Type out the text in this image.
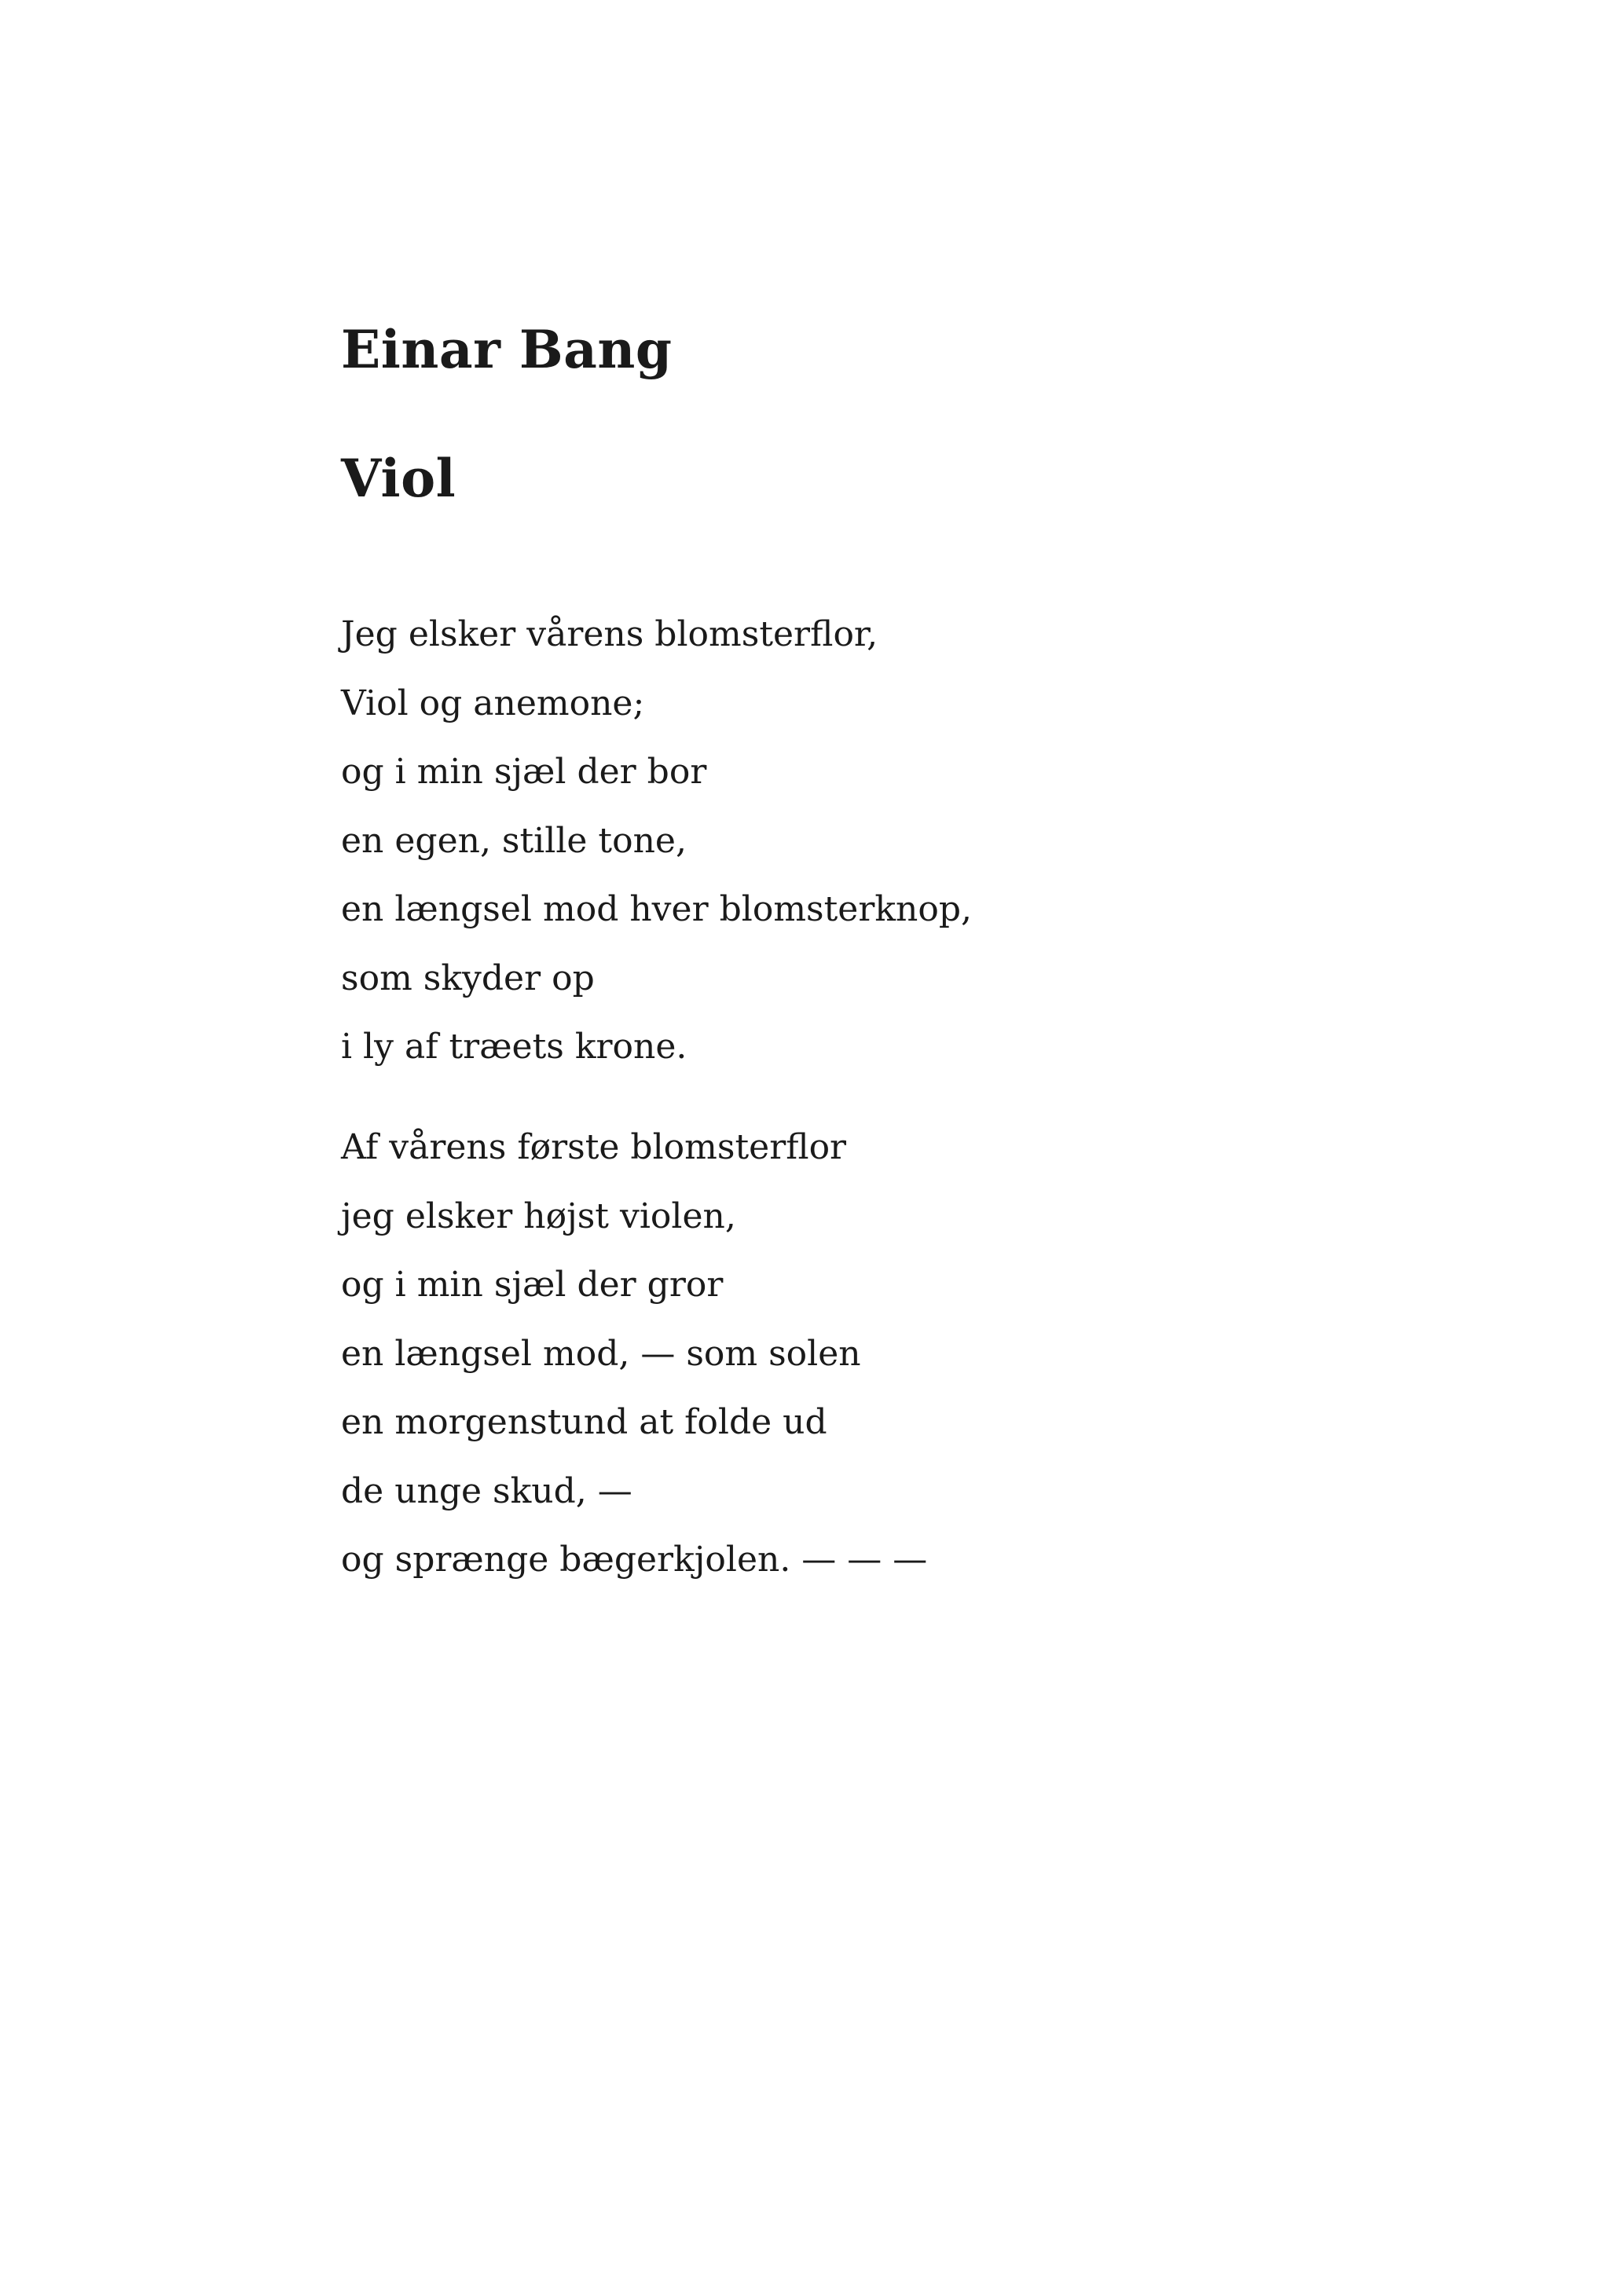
Einar Bang
Viol
Jeg elsker vårens blomsterflor,
Viol og anemone;
og i min sjæl der bor
en egen, stille tone,
en længsel mod hver blomsterknop,
som skyder op
i ly af træets krone.
Af vårens første blomsterflor
jeg elsker højst violen,
og i min sjæl der gror
en længsel mod, — som solen
en morgenstund at folde ud
de unge skud, —
og sprænge bægerkjolen. — — —
